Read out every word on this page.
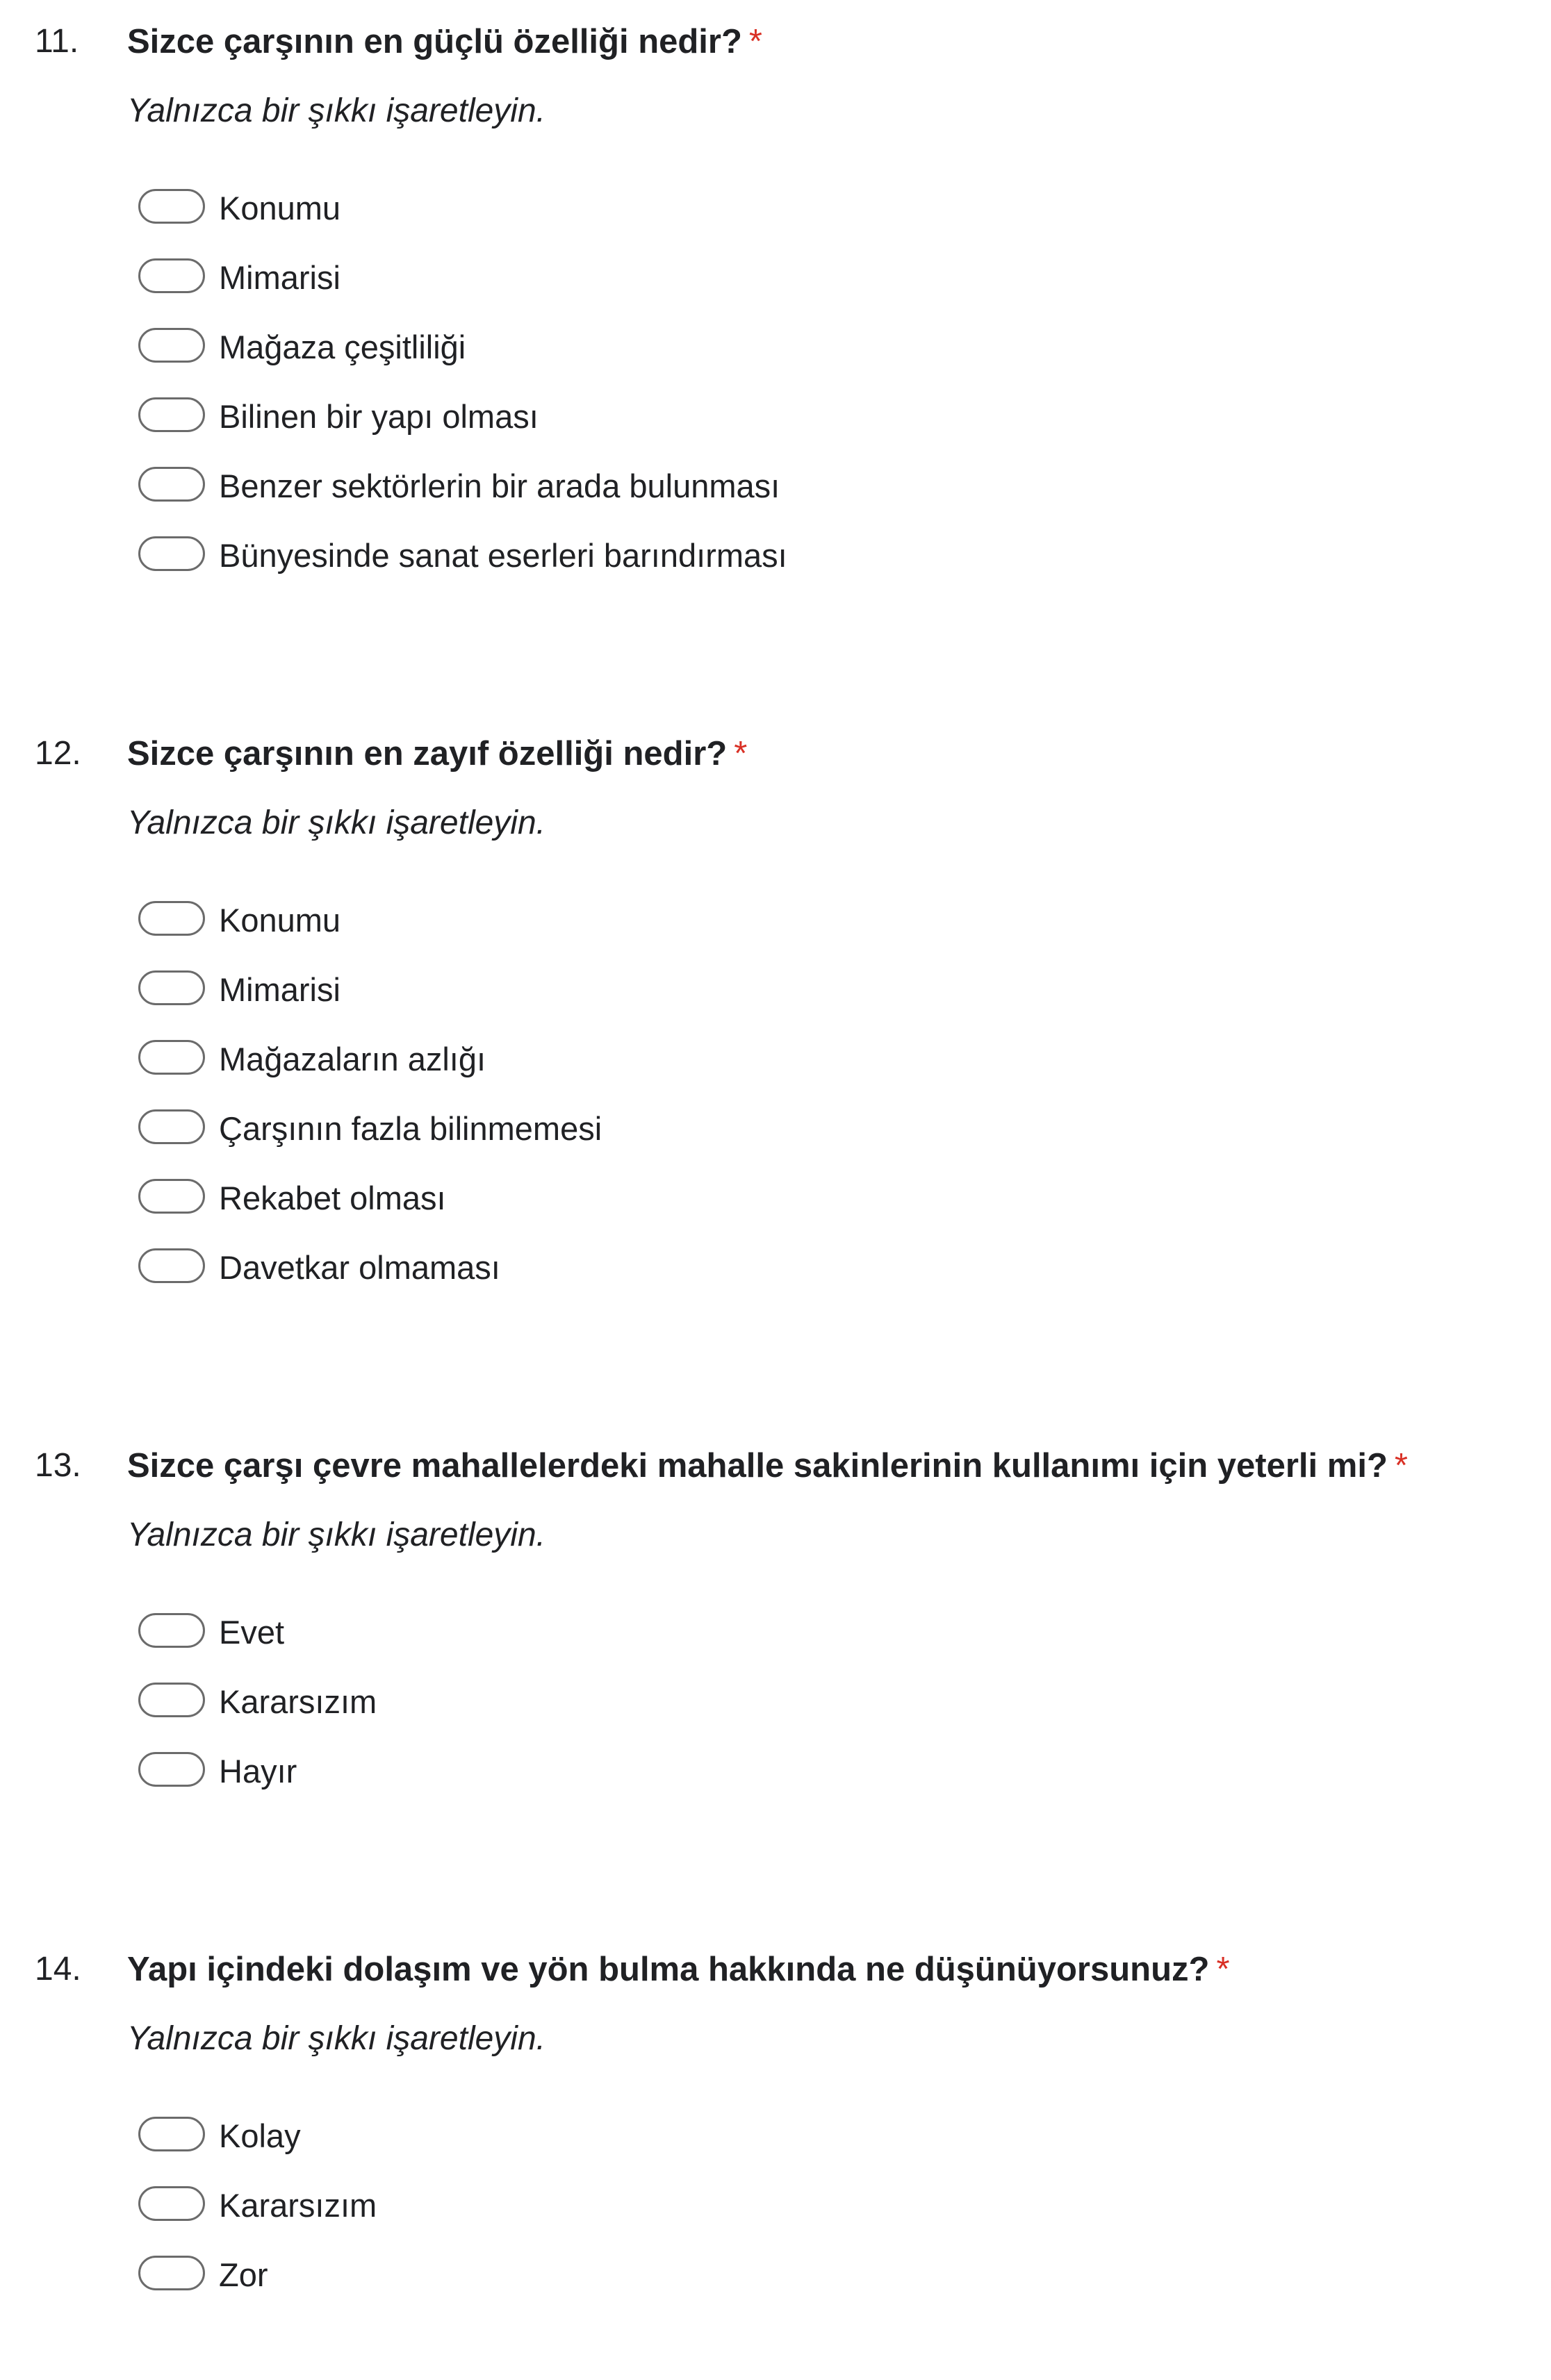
11. Sizce çarşının en güçlü özelliği nedir? *
Yalnızca bir şıkkı işaretleyin.
Konumu
Mimarisi
Mağaza çeşitliliği
Bilinen bir yapı olması
Benzer sektörlerin bir arada bulunması
Bünyesinde sanat eserleri barındırması
12. Sizce çarşının en zayıf özelliği nedir? *
Yalnızca bir şıkkı işaretleyin.
Konumu
Mimarisi
Mağazaların azlığı
Çarşının fazla bilinmemesi
Rekabet olması
Davetkar olmaması
13. Sizce çarşı çevre mahallelerdeki mahalle sakinlerinin kullanımı için yeterli mi? *
Yalnızca bir şıkkı işaretleyin.
Evet
Kararsızım
Hayır
14. Yapı içindeki dolaşım ve yön bulma hakkında ne düşünüyorsunuz? *
Yalnızca bir şıkkı işaretleyin.
Kolay
Kararsızım
Zor
